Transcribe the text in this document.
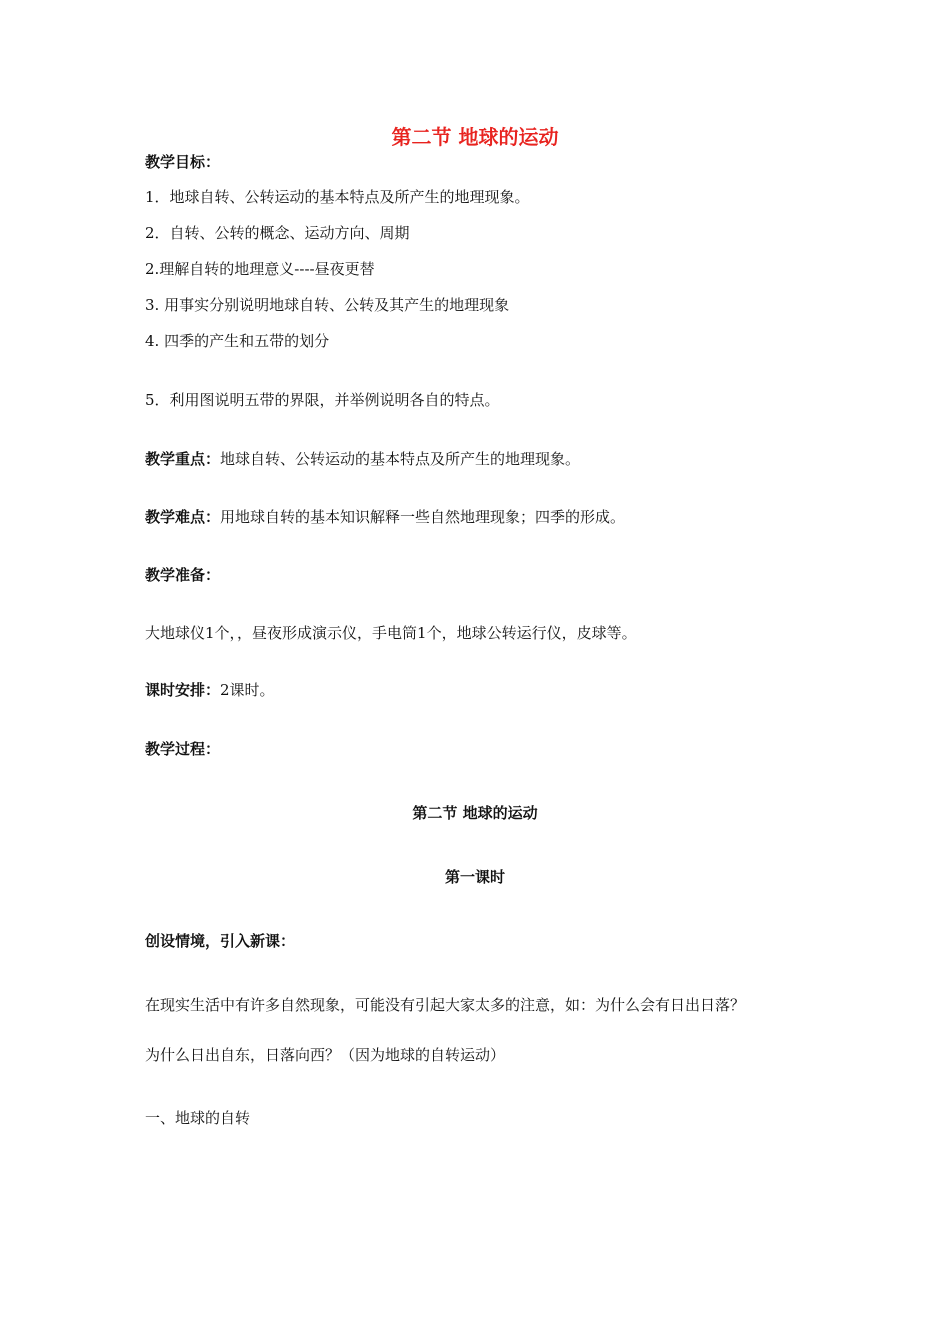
第二节 地球的运动
教学目标：
1．地球自转、公转运动的基本特点及所产生的地理现象。
2．自转、公转的概念、运动方向、周期
2.理解自转的地理意义----昼夜更替
3. 用事实分别说明地球自转、公转及其产生的地理现象
4. 四季的产生和五带的划分
5．利用图说明五带的界限，并举例说明各自的特点。
教学重点：地球自转、公转运动的基本特点及所产生的地理现象。
教学难点：用地球自转的基本知识解释一些自然地理现象；四季的形成。
教学准备：
大地球仪1个，，昼夜形成演示仪，手电筒1个，地球公转运行仪，皮球等。
课时安排：2课时。
教学过程：
第二节 地球的运动
第一课时
创设情境，引入新课：
在现实生活中有许多自然现象，可能没有引起大家太多的注意，如：为什么会有日出日落？
为什么日出自东，日落向西？（因为地球的自转运动）
一、地球的自转
